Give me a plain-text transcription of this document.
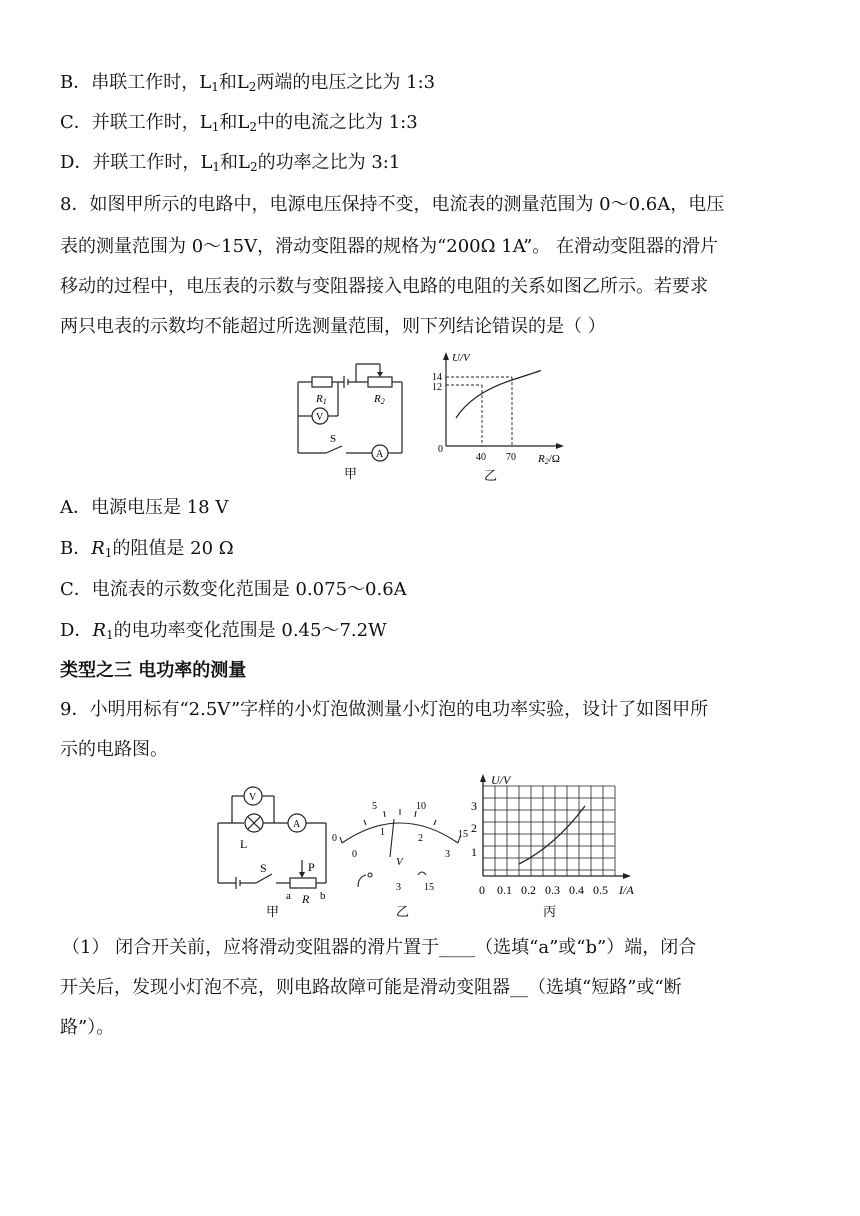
B．串联工作时，$L_1$和$L_2$两端的电压之比为 1:3
C．并联工作时，$L_1$和$L_2$中的电流之比为 1:3
D．并联工作时，$L_1$和$L_2$的功率之比为 3:1
8．如图甲所示的电路中，电源电压保持不变，电流表的测量范围为 0～0.6A，电压
表的测量范围为 0～15V，滑动变阻器的规格为“200Ω 1A”。 在滑动变阻器的滑片
移动的过程中，电压表的示数与变阻器接入电路的电阻的关系如图乙所示。若要求
两只电表的示数均不能超过所选测量范围，则下列结论错误的是（ ）
R1	R2
V
S
A
甲
U/V
14
12
0
40 70 R2/Ω
乙
A．电源电压是 18 V
B．$R_1$的阻值是 20 Ω
C．电流表的示数变化范围是 0.075～0.6A
D．$R_1$的电功率变化范围是 0.45～7.2W
类型之三 电功率的测量
9．小明用标有“2.5V”字样的小灯泡做测量小灯泡的电功率实验，设计了如图甲所
示的电路图。
V
A
L
S	P
a R b
甲
0
5	10
15
0
1
2
3
V
3 15
乙
U/V
3
2
1
0 0.1 0.2 0.3 0.4 0.5 I/A
丙
（1） 闭合开关前，应将滑动变阻器的滑片置于____（选填“a”或“b”）端，闭合
开关后，发现小灯泡不亮，则电路故障可能是滑动变阻器__（选填“短路”或“断
路”）。
